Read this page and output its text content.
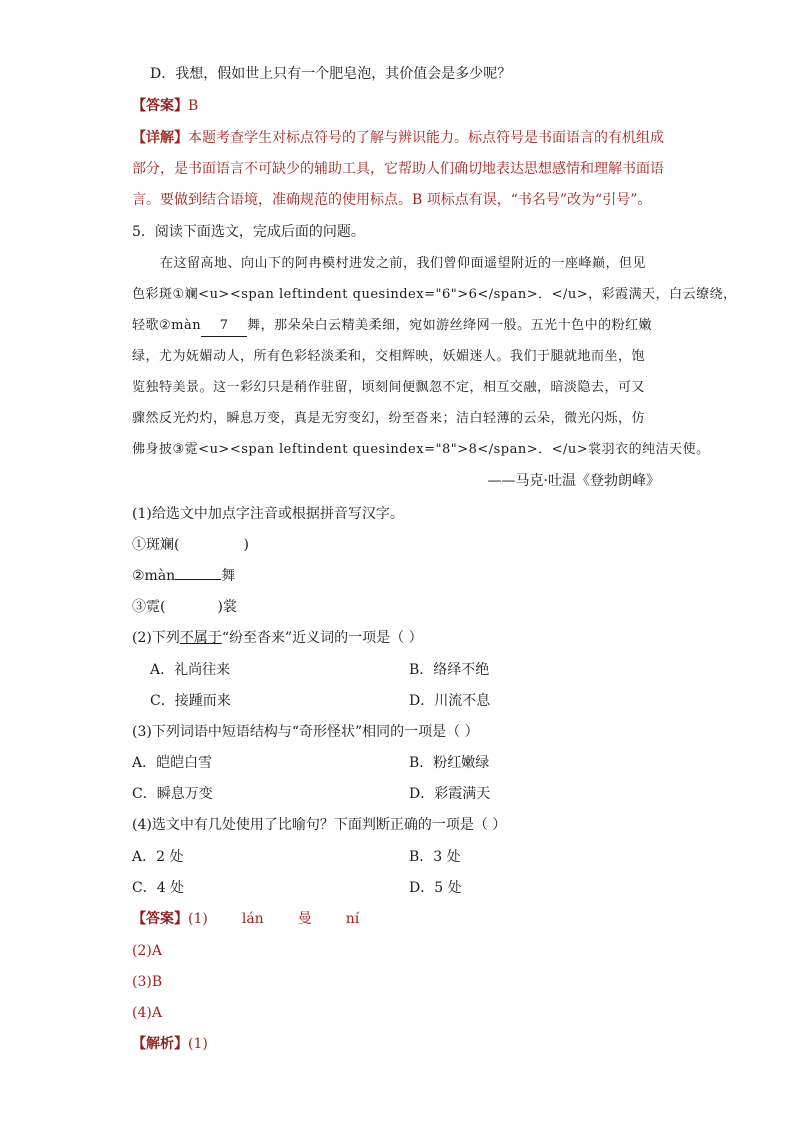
D．我想，假如世上只有一个肥皂泡，其价值会是多少呢？
【答案】B
【详解】本题考查学生对标点符号的了解与辨识能力。标点符号是书面语言的有机组成
部分，是书面语言不可缺少的辅助工具，它帮助人们确切地表达思想感情和理解书面语
言。要做到结合语境，准确规范的使用标点。B 项标点有误，“书名号”改为“引号”。
5．阅读下面选文，完成后面的问题。
在这留高地、向山下的阿冉模村进发之前，我们曾仰面遥望附近的一座峰巅，但见
色彩斑①斓<u><span leftindent quesindex="6">6</span>．</u>，彩霞满天，白云缭绕，
轻歌②màn 7 舞，那朵朵白云精美柔细，宛如游丝绛网一般。五光十色中的粉红嫩
绿，尤为妩媚动人，所有色彩轻淡柔和，交相辉映，妖媚迷人。我们于腿就地而坐，饱
览独特美景。这一彩幻只是稍作驻留，顷刻间便飘忽不定，相互交融，暗淡隐去，可又
骤然反光灼灼，瞬息万变，真是无穷变幻，纷至沓来；洁白轻薄的云朵，微光闪烁，仿
佛身披③霓<u><span leftindent quesindex="8">8</span>．</u>裳羽衣的纯洁天使。
——马克·吐温《登勃朗峰》
(1)给选文中加点字注音或根据拼音写汉字。
①斑斓(	)
②màn	舞
③霓(	)裳
(2)下列不属于“纷至沓来”近义词的一项是（ ）
A．礼尚往来	B．络绎不绝
C．接踵而来	D．川流不息
(3)下列词语中短语结构与“奇形怪状”相同的一项是（ ）
A．皑皑白雪	B．粉红嫩绿
C．瞬息万变	D．彩霞满天
(4)选文中有几处使用了比喻句？下面判断正确的一项是（ ）
A．2 处	B．3 处
C．4 处	D．5 处
【答案】(1) lán 曼 ní
(2)A
(3)B
(4)A
【解析】(1)
